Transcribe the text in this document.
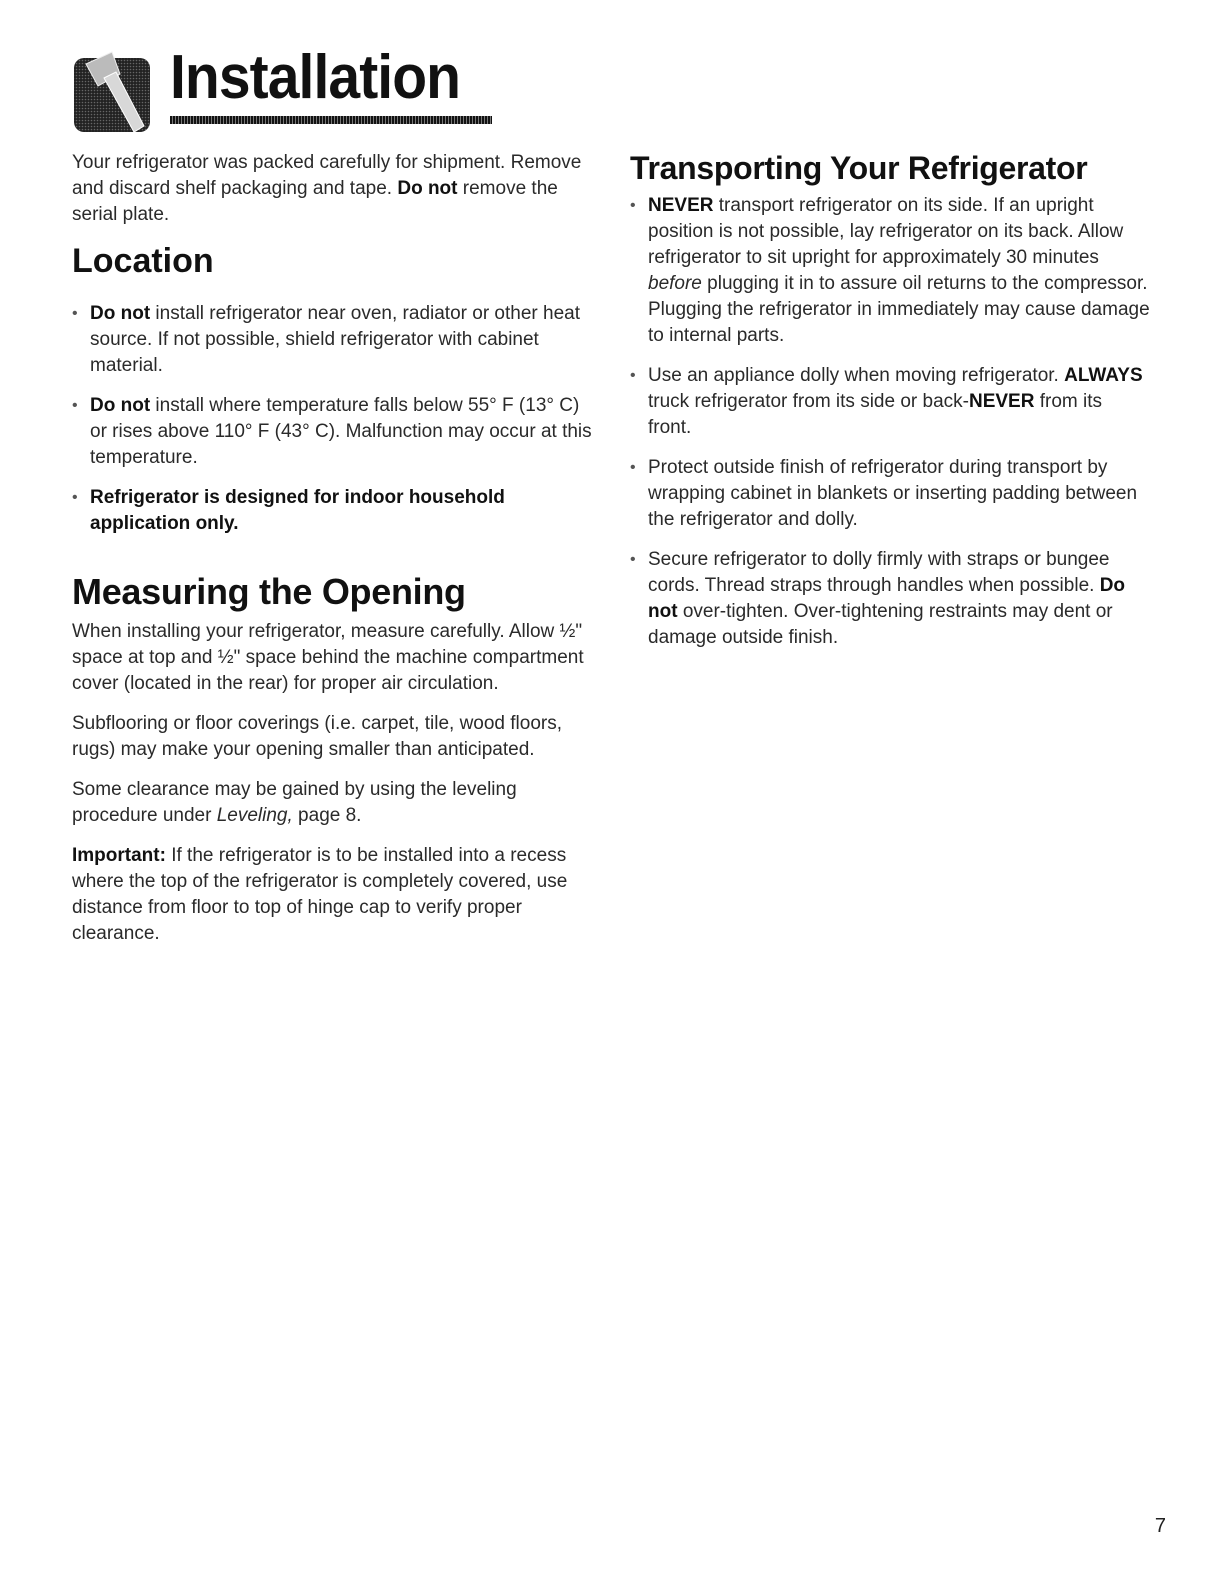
Installation

Your refrigerator was packed carefully for shipment. Remove and discard shelf packaging and tape. Do not remove the serial plate.

Location
• Do not install refrigerator near oven, radiator or other heat source. If not possible, shield refrigerator with cabinet material.
• Do not install where temperature falls below 55° F (13° C) or rises above 110° F (43° C). Malfunction may occur at this temperature.
• Refrigerator is designed for indoor household application only.
Measuring the Opening

When installing your refrigerator, measure carefully. Allow ½" space at top and ½" space behind the machine compartment cover (located in the rear) for proper air circulation.

Subflooring or floor coverings (i.e. carpet, tile, wood floors, rugs) may make your opening smaller than anticipated.

Some clearance may be gained by using the leveling procedure under Leveling, page 8.

Important: If the refrigerator is to be installed into a recess where the top of the refrigerator is completely covered, use distance from floor to top of hinge cap to verify proper clearance.

Transporting Your Refrigerator
• NEVER transport refrigerator on its side. If an upright position is not possible, lay refrigerator on its back. Allow refrigerator to sit upright for approximately 30 minutes before plugging it in to assure oil returns to the compressor. Plugging the refrigerator in immediately may cause damage to internal parts.
• Use an appliance dolly when moving refrigerator. ALWAYS truck refrigerator from its side or back-NEVER from its front.
• Protect outside finish of refrigerator during transport by wrapping cabinet in blankets or inserting padding between the refrigerator and dolly.
• Secure refrigerator to dolly firmly with straps or bungee cords. Thread straps through handles when possible. Do not over-tighten. Over-tightening restraints may dent or damage outside finish.
7
